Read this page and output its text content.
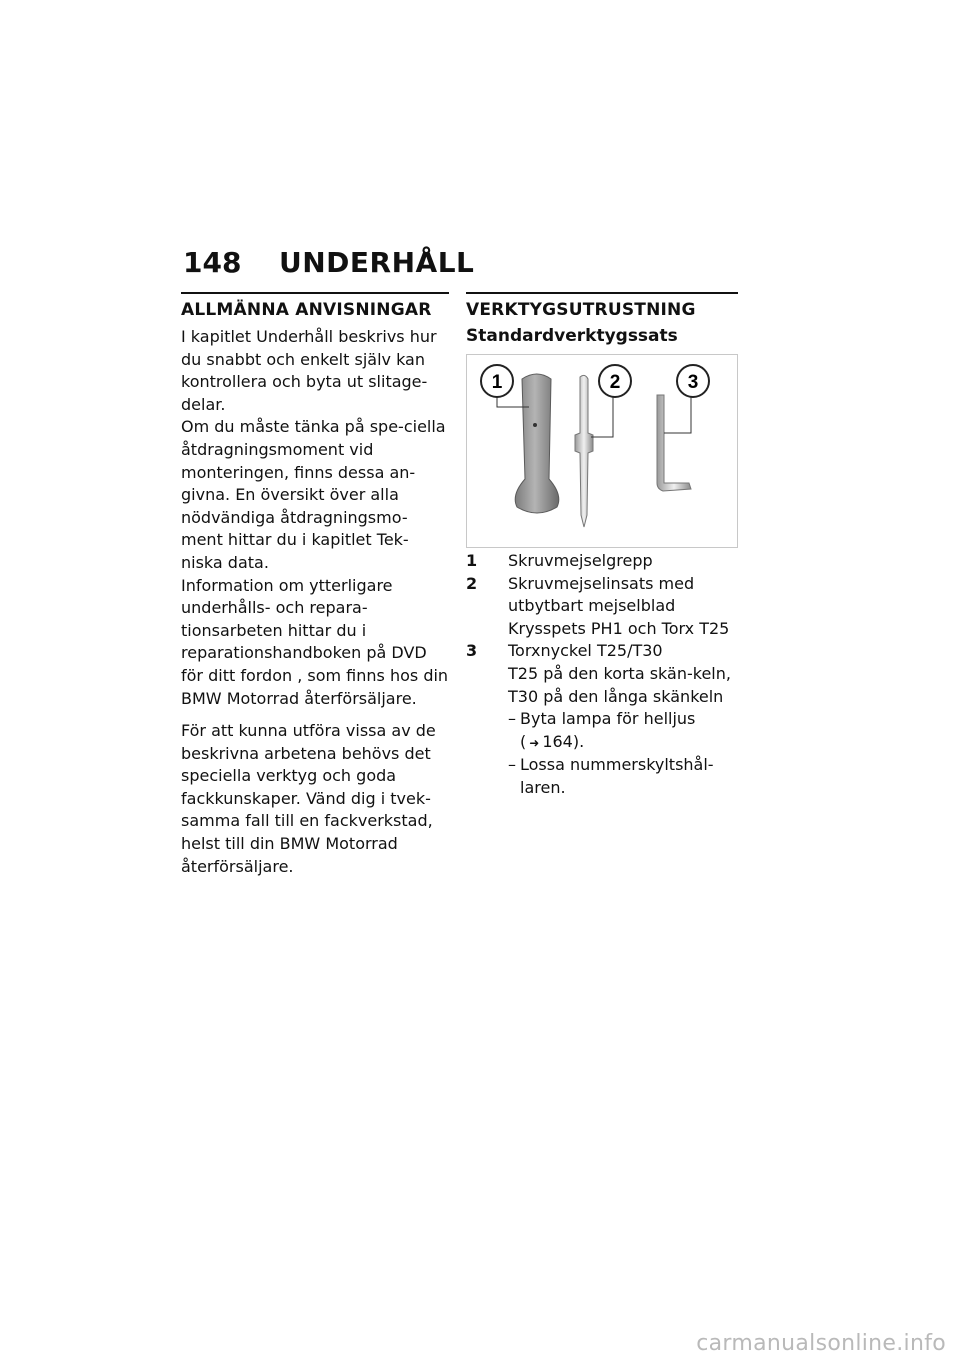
148	UNDERHÅLL
ALLMÄNNA ANVISNINGAR

I kapitlet Underhåll beskrivs hur du snabbt och enkelt själv kan kontrollera och byta ut slitage-delar.

Om du måste tänka på spe-ciella åtdragningsmoment vid monteringen, finns dessa an-givna. En översikt över alla nödvändiga åtdragningsmo-ment hittar du i kapitlet Tek-niska data.

Information om ytterligare underhålls- och repara-tionsarbeten hittar du i reparationshandboken på DVD för ditt fordon , som finns hos din BMW Motorrad återförsäljare.

För att kunna utföra vissa av de beskrivna arbetena behövs det speciella verktyg och goda fackkunskaper. Vänd dig i tvek-samma fall till en fackverkstad, helst till din BMW Motorrad återförsäljare.

VERKTYGSUTRUSTNING
Standardverktygssats
1	2	3
1	Skruvmejselgrepp
2	Skruvmejselinsats med utbytbart mejselblad
Krysspets PH1 och Torx T25
3	Torxnyckel T25/T30
T25 på den korta skän-keln, T30 på den långa skänkeln
– Byta lampa för helljus
( ➜ 164).
– Lossa nummerskyltshål-laren.
carmanualsonline.info
